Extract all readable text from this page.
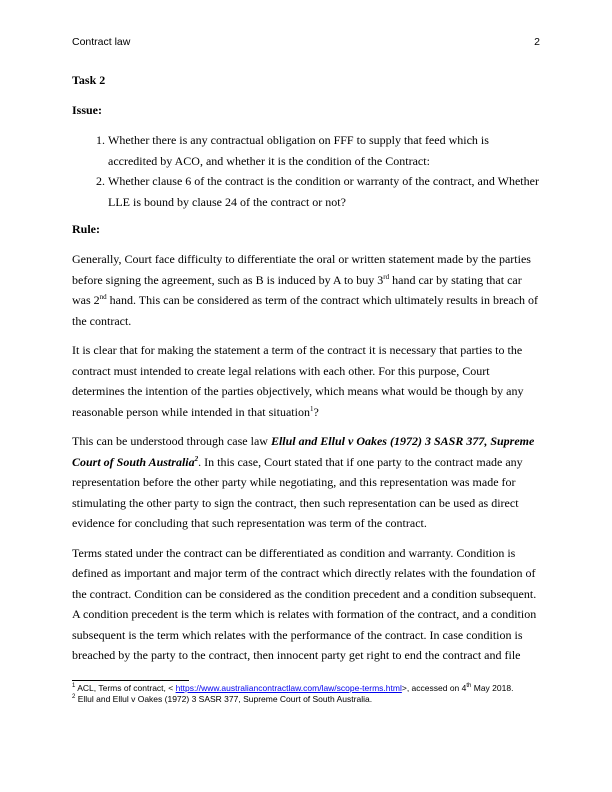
Contract law	2
Task 2
Issue:
1. Whether there is any contractual obligation on FFF to supply that feed which is accredited by ACO, and whether it is the condition of the Contract:
2. Whether clause 6 of the contract is the condition or warranty of the contract, and Whether LLE is bound by clause 24 of the contract or not?
Rule:

Generally, Court face difficulty to differentiate the oral or written statement made by the parties before signing the agreement, such as B is induced by A to buy 3rd hand car by stating that car was 2nd hand. This can be considered as term of the contract which ultimately results in breach of the contract.

It is clear that for making the statement a term of the contract it is necessary that parties to the contract must intended to create legal relations with each other. For this purpose, Court determines the intention of the parties objectively, which means what would be though by any reasonable person while intended in that situation$^1$?

This can be understood through case law Ellul and Ellul v Oakes (1972) 3 SASR 377, Supreme Court of South Australia$^2$. In this case, Court stated that if one party to the contract made any representation before the other party while negotiating, and this representation was made for stimulating the other party to sign the contract, then such representation can be used as direct evidence for concluding that such representation was term of the contract.

Terms stated under the contract can be differentiated as condition and warranty. Condition is defined as important and major term of the contract which directly relates with the foundation of the contract. Condition can be considered as the condition precedent and a condition subsequent. A condition precedent is the term which is relates with formation of the contract, and a condition subsequent is the term which relates with the performance of the contract. In case condition is breached by the party to the contract, then innocent party get right to end the contract and file

$^1$ ACL, Terms of contract, < https://www.australiancontractlaw.com/law/scope-terms.html>, accessed on 4th May 2018.
$^2$ Ellul and Ellul v Oakes (1972) 3 SASR 377, Supreme Court of South Australia.
